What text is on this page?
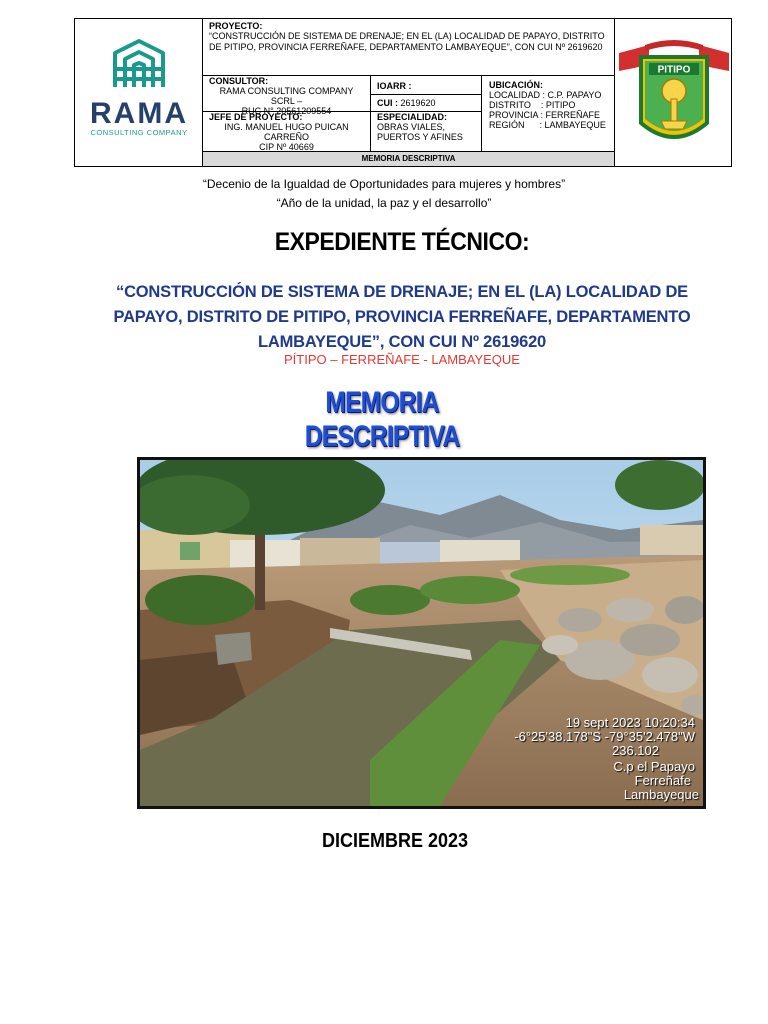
RAMA
CONSULTING COMPANY
PROYECTO:
“CONSTRUCCIÓN DE SISTEMA DE DRENAJE; EN EL (LA) LOCALIDAD DE PAPAYO, DISTRITO DE PITIPO, PROVINCIA FERREÑAFE, DEPARTAMENTO LAMBAYEQUE”, CON CUI Nº 2619620
CONSULTOR:
RAMA CONSULTING COMPANY SCRL –
RUC N° 20561209554
JEFE DE PROYECTO:
ING. MANUEL HUGO PUICAN CARREÑO
CIP Nº 40669
IOARR :
CUI : 2619620
ESPECIALIDAD:
OBRAS VIALES,
PUERTOS Y AFINES
UBICACIÓN:
LOCALIDAD : C.P. PAPAYO
DISTRITO    : PITIPO
PROVINCIA : FERREÑAFE
REGIÓN      : LAMBAYEQUE
MEMORIA DESCRIPTIVA
PITIPO
“Decenio de la Igualdad de Oportunidades para mujeres y hombres”
“Año de la unidad, la paz y el desarrollo”
EXPEDIENTE TÉCNICO:
“CONSTRUCCIÓN DE SISTEMA DE DRENAJE; EN EL (LA) LOCALIDAD DE PAPAYO, DISTRITO DE PITIPO, PROVINCIA FERREÑAFE, DEPARTAMENTO LAMBAYEQUE”, CON CUI Nº 2619620
PÍTIPO – FERREÑAFE - LAMBAYEQUE
MEMORIA DESCRIPTIVA
19 sept 2023 10:20:34
-6°25'38.178"S -79°35'2.478"W
236.102
C.p el Papayo
Ferreñafe
Lambayeque
DICIEMBRE 2023
